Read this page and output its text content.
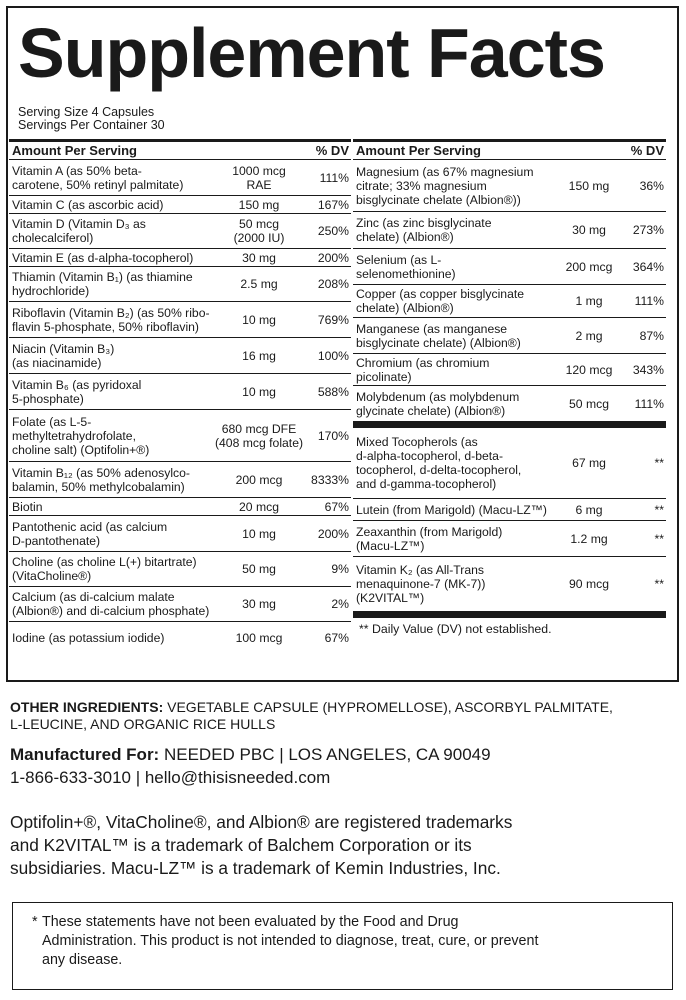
Supplement Facts
Serving Size 4 Capsules
Servings Per Container 30
Amount Per Serving	% DV
Vitamin A (as 50% beta-
carotene, 50% retinyl palmitate)
1000 mcg
RAE	111%
Vitamin C (as ascorbic acid)	150 mg	167%
Vitamin D (Vitamin D₃ as
cholecalciferol)
50 mcg
(2000 IU)	250%
Vitamin E (as d-alpha-tocopherol)	30 mg	200%
Thiamin (Vitamin B₁) (as thiamine
hydrochloride)	2.5 mg	208%
Riboflavin (Vitamin B₂) (as 50% ribo-
flavin 5-phosphate, 50% riboflavin)	10 mg	769%
Niacin (Vitamin B₃)
(as niacinamide)	16 mg	100%
Vitamin B₆ (as pyridoxal
5-phosphate)	10 mg	588%
Folate (as L-5-
methyltetrahydrofolate,
choline salt) (Optifolin+®)
680 mcg DFE
(408 mcg folate)	170%
Vitamin B₁₂ (as 50% adenosylco-
balamin, 50% methylcobalamin)	200 mcg	8333%
Biotin	20 mcg	67%
Pantothenic acid (as calcium
D-pantothenate)	10 mg	200%
Choline (as choline L(+) bitartrate)
(VitaCholine®)	50 mg	9%
Calcium (as di-calcium malate
(Albion®) and di-calcium phosphate)	30 mg	2%
Iodine (as potassium iodide)	100 mcg	67%
Amount Per Serving	% DV
Magnesium (as 67% magnesium
citrate; 33% magnesium
bisglycinate chelate (Albion®))
150 mg	36%
Zinc (as zinc bisglycinate
chelate) (Albion®)	30 mg	273%
Selenium (as L-
selenomethionine)	200 mcg	364%
Copper (as copper bisglycinate
chelate) (Albion®)	1 mg	111%
Manganese (as manganese
bisglycinate chelate) (Albion®)	2 mg	87%
Chromium (as chromium
picolinate)	120 mcg	343%
Molybdenum (as molybdenum
glycinate chelate) (Albion®)	50 mcg	111%
Mixed Tocopherols (as
d-alpha-tocopherol, d-beta-
tocopherol, d-delta-tocopherol,
and d-gamma-tocopherol)
67 mg	**
Lutein (from Marigold) (Macu-LZ™)	6 mg	**
Zeaxanthin (from Marigold)
(Macu-LZ™)	1.2 mg	**
Vitamin K₂ (as All-Trans
menaquinone-7 (MK-7))
(K2VITAL™)
90 mcg	**
** Daily Value (DV) not established.
OTHER INGREDIENTS: VEGETABLE CAPSULE (HYPROMELLOSE), ASCORBYL PALMITATE,
L-LEUCINE, AND ORGANIC RICE HULLS
Manufactured For: NEEDED PBC | LOS ANGELES, CA 90049
1-866-633-3010 | hello@thisisneeded.com
Optifolin+®, VitaCholine®, and Albion® are registered trademarks
and K2VITAL™ is a trademark of Balchem Corporation or its
subsidiaries. Macu-LZ™ is a trademark of Kemin Industries, Inc.
* These statements have not been evaluated by the Food and Drug
Administration. This product is not intended to diagnose, treat, cure, or prevent
any disease.
